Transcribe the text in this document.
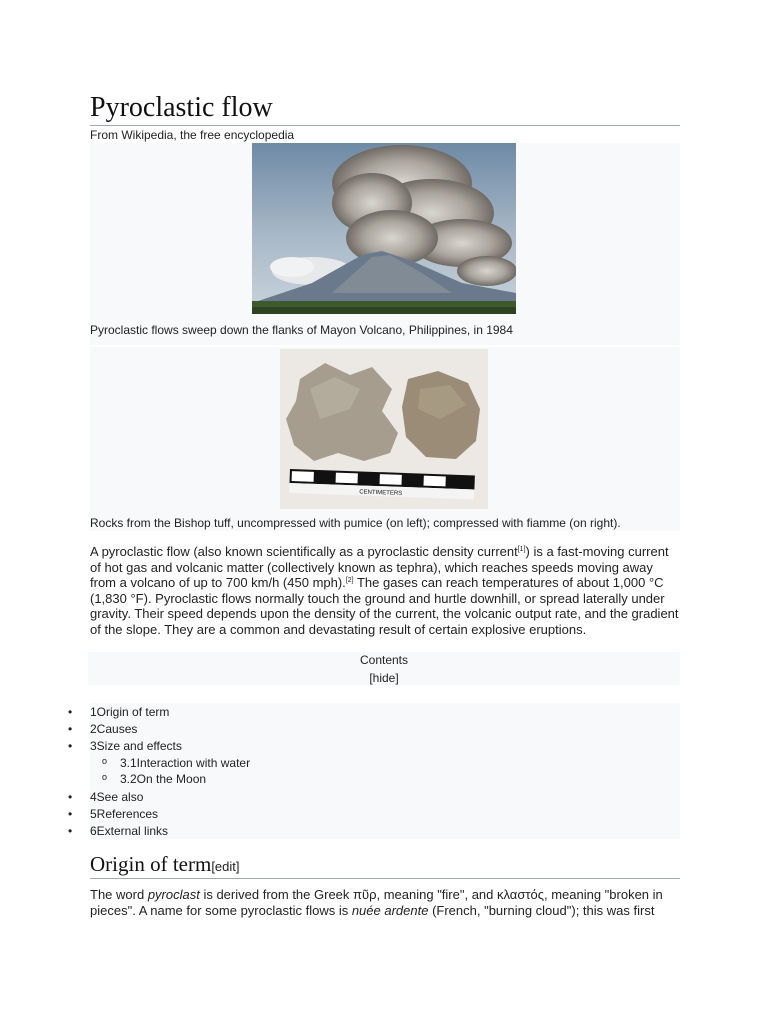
Pyroclastic flow
From Wikipedia, the free encyclopedia
Pyroclastic flows sweep down the flanks of Mayon Volcano, Philippines, in 1984
CENTIMETERS
Rocks from the Bishop tuff, uncompressed with pumice (on left); compressed with fiamme (on right).
A pyroclastic flow (also known scientifically as a pyroclastic density current[1]) is a fast-moving current of hot gas and volcanic matter (collectively known as tephra), which reaches speeds moving away from a volcano of up to 700 km/h (450 mph).[2] The gases can reach temperatures of about 1,000 °C (1,830 °F). Pyroclastic flows normally touch the ground and hurtle downhill, or spread laterally under gravity. Their speed depends upon the density of the current, the volcanic output rate, and the gradient of the slope. They are a common and devastating result of certain explosive eruptions.
Contents
[hide]
• 1Origin of term
• 2Causes
• 3Size and effects
o 3.1Interaction with water
o 3.2On the Moon
• 4See also
• 5References
• 6External links
Origin of term[edit]
The word pyroclast is derived from the Greek πῦρ, meaning "fire", and κλαστός, meaning "broken in pieces". A name for some pyroclastic flows is nuée ardente (French, "burning cloud"); this was first
